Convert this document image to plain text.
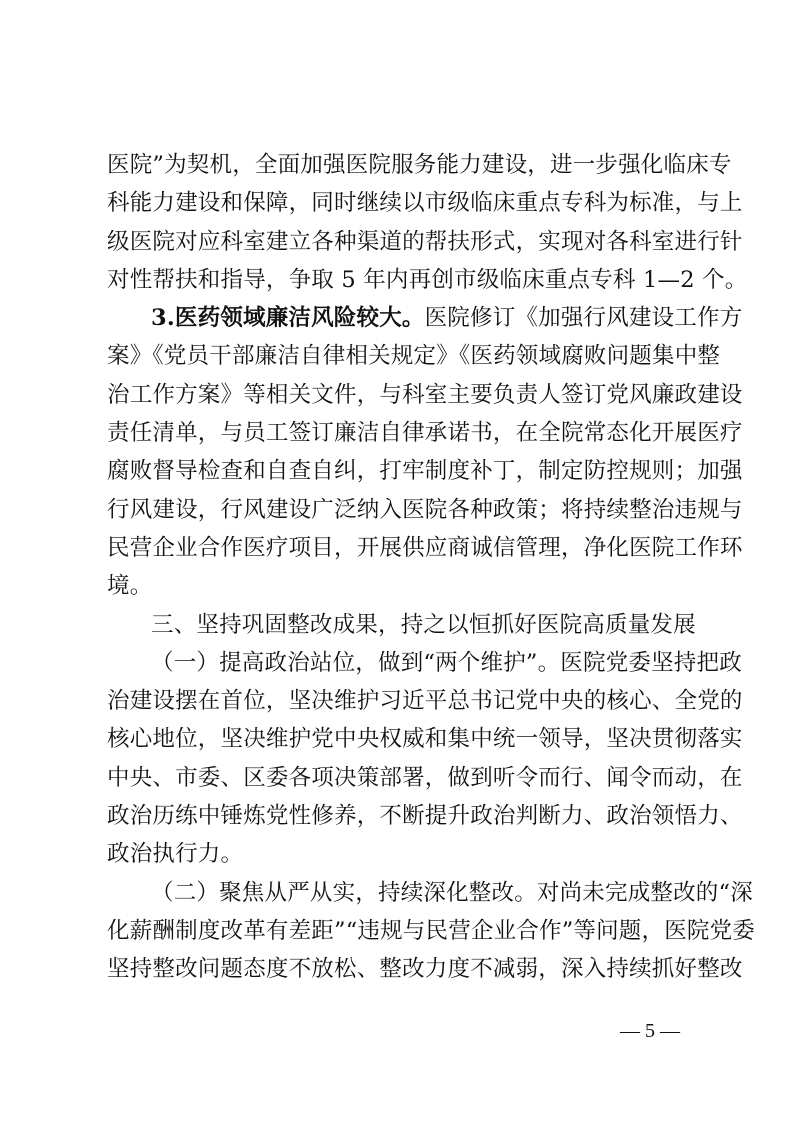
医院”为契机，全面加强医院服务能力建设，进一步强化临床专
科能力建设和保障，同时继续以市级临床重点专科为标准，与上
级医院对应科室建立各种渠道的帮扶形式，实现对各科室进行针
对性帮扶和指导，争取 5 年内再创市级临床重点专科 1—2 个。
3.医药领域廉洁风险较大。医院修订《加强行风建设工作方
案》《党员干部廉洁自律相关规定》《医药领域腐败问题集中整
治工作方案》等相关文件，与科室主要负责人签订党风廉政建设
责任清单，与员工签订廉洁自律承诺书，在全院常态化开展医疗
腐败督导检查和自查自纠，打牢制度补丁，制定防控规则；加强
行风建设，行风建设广泛纳入医院各种政策；将持续整治违规与
民营企业合作医疗项目，开展供应商诚信管理，净化医院工作环
境。
三、坚持巩固整改成果，持之以恒抓好医院高质量发展
（一）提高政治站位，做到“两个维护”。医院党委坚持把政
治建设摆在首位，坚决维护习近平总书记党中央的核心、全党的
核心地位，坚决维护党中央权威和集中统一领导，坚决贯彻落实
中央、市委、区委各项决策部署，做到听令而行、闻令而动，在
政治历练中锤炼党性修养，不断提升政治判断力、政治领悟力、
政治执行力。
（二）聚焦从严从实，持续深化整改。对尚未完成整改的“深
化薪酬制度改革有差距”“违规与民营企业合作”等问题，医院党委
坚持整改问题态度不放松、整改力度不减弱，深入持续抓好整改
— 5 —
